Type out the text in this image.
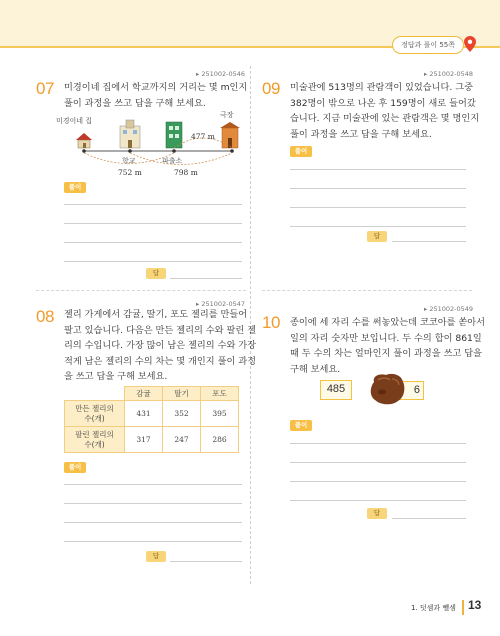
정답과 풀이 55쪽
▸ 251002-0546
07 미경이네 집에서 학교까지의 거리는 몇 m인지
풀이 과정을 쓰고 답을 구해 보세요.
미경이네 집
학교	파출소
극장
477 m
752 m	798 m
풀이
답
▸ 251002-0547
08 젤리 가게에서 감귤, 딸기, 포도 젤리를 만들어
팔고 있습니다. 다음은 만든 젤리의 수와 팔린 젤
리의 수입니다. 가장 많이 남은 젤리의 수와 가장
적게 남은 젤리의 수의 차는 몇 개인지 풀이 과정
을 쓰고 답을 구해 보세요.
	감귤	딸기	포도
만든 젤리의
수(개)	431	352	395
팔린 젤리의
수(개)	317	247	286
풀이
답
▸ 251002-0548
09 미술관에 513명의 관람객이 있었습니다. 그중
382명이 밖으로 나온 후 159명이 새로 들어갔
습니다. 지금 미술관에 있는 관람객은 몇 명인지
풀이 과정을 쓰고 답을 구해 보세요.
풀이
답
▸ 251002-0549
10 종이에 세 자리 수를 써놓았는데 코코아를 쏟아서
일의 자리 숫자만 보입니다. 두 수의 합이 861일
때 두 수의 차는 얼마인지 풀이 과정을 쓰고 답을
구해 보세요.
485	6
풀이
답
1. 덧셈과 뺄셈 13
